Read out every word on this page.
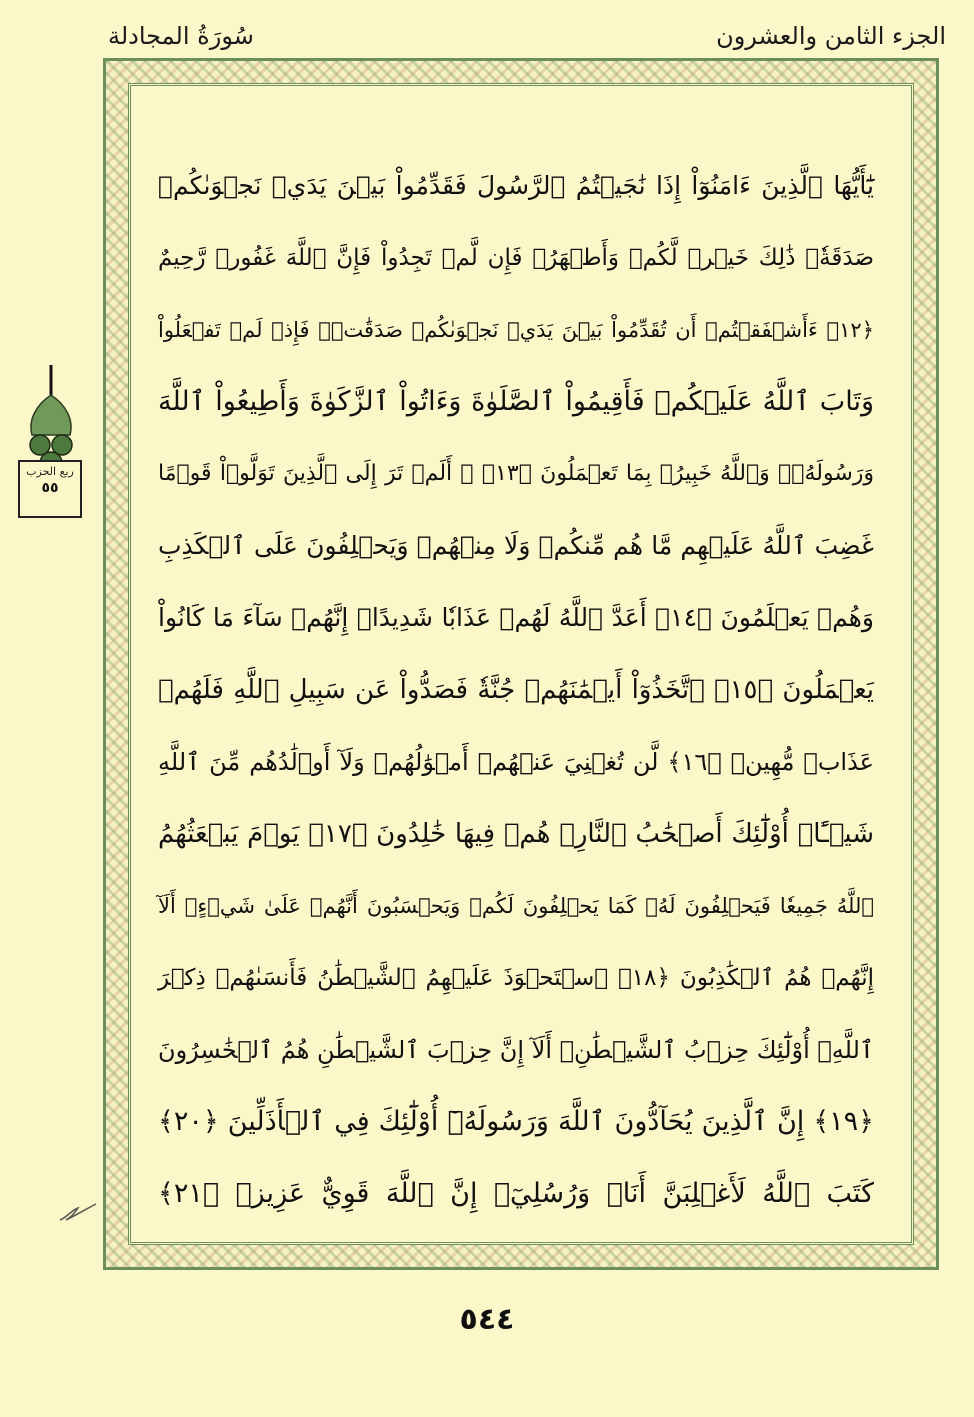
سُورَةُ المجادلة	الجزء الثامن والعشرون
ربع الحزب
٥٥
يَٰٓأَيُّهَا ٱلَّذِينَ ءَامَنُوٓاْ إِذَا نَٰجَيۡتُمُ ٱلرَّسُولَ فَقَدِّمُواْ بَيۡنَ يَدَيۡ نَجۡوَىٰكُمۡ
صَدَقَةٗۚ ذَٰلِكَ خَيۡرٞ لَّكُمۡ وَأَطۡهَرُۚ فَإِن لَّمۡ تَجِدُواْ فَإِنَّ ٱللَّهَ غَفُورٞ رَّحِيمٌ
﴿١٢﴾ ءَأَشۡفَقۡتُمۡ أَن تُقَدِّمُواْ بَيۡنَ يَدَيۡ نَجۡوَىٰكُمۡ صَدَقَٰتٖۚ فَإِذۡ لَمۡ تَفۡعَلُواْ
وَتَابَ ٱللَّهُ عَلَيۡكُمۡ فَأَقِيمُواْ ٱلصَّلَوٰةَ وَءَاتُواْ ٱلزَّكَوٰةَ وَأَطِيعُواْ ٱللَّهَ
وَرَسُولَهُۥۚ وَٱللَّهُ خَبِيرُۢ بِمَا تَعۡمَلُونَ ﴿١٣﴾ ۞ أَلَمۡ تَرَ إِلَى ٱلَّذِينَ تَوَلَّوۡاْ قَوۡمًا
غَضِبَ ٱللَّهُ عَلَيۡهِم مَّا هُم مِّنكُمۡ وَلَا مِنۡهُمۡ وَيَحۡلِفُونَ عَلَى ٱلۡكَذِبِ
وَهُمۡ يَعۡلَمُونَ ﴿١٤﴾ أَعَدَّ ٱللَّهُ لَهُمۡ عَذَابٗا شَدِيدًاۖ إِنَّهُمۡ سَآءَ مَا كَانُواْ
يَعۡمَلُونَ ﴿١٥﴾ ٱتَّخَذُوٓاْ أَيۡمَٰنَهُمۡ جُنَّةٗ فَصَدُّواْ عَن سَبِيلِ ٱللَّهِ فَلَهُمۡ
عَذَابٞ مُّهِينٞ ﴿١٦﴾ لَّن تُغۡنِيَ عَنۡهُمۡ أَمۡوَٰلُهُمۡ وَلَآ أَوۡلَٰدُهُم مِّنَ ٱللَّهِ
شَيۡـًٔاۚ أُوْلَٰٓئِكَ أَصۡحَٰبُ ٱلنَّارِۖ هُمۡ فِيهَا خَٰلِدُونَ ﴿١٧﴾ يَوۡمَ يَبۡعَثُهُمُ
ٱللَّهُ جَمِيعٗا فَيَحۡلِفُونَ لَهُۥ كَمَا يَحۡلِفُونَ لَكُمۡ وَيَحۡسَبُونَ أَنَّهُمۡ عَلَىٰ شَيۡءٍۚ أَلَآ
إِنَّهُمۡ هُمُ ٱلۡكَٰذِبُونَ ﴿١٨﴾ ٱسۡتَحۡوَذَ عَلَيۡهِمُ ٱلشَّيۡطَٰنُ فَأَنسَىٰهُمۡ ذِكۡرَ
ٱللَّهِۚ أُوْلَٰٓئِكَ حِزۡبُ ٱلشَّيۡطَٰنِۚ أَلَآ إِنَّ حِزۡبَ ٱلشَّيۡطَٰنِ هُمُ ٱلۡخَٰسِرُونَ
﴿١٩﴾ إِنَّ ٱلَّذِينَ يُحَآدُّونَ ٱللَّهَ وَرَسُولَهُۥٓ أُوْلَٰٓئِكَ فِي ٱلۡأَذَلِّينَ ﴿٢٠﴾
كَتَبَ ٱللَّهُ لَأَغۡلِبَنَّ أَنَا۠ وَرُسُلِيٓۚ إِنَّ ٱللَّهَ قَوِيٌّ عَزِيزٞ ﴿٢١﴾
٥٤٤
